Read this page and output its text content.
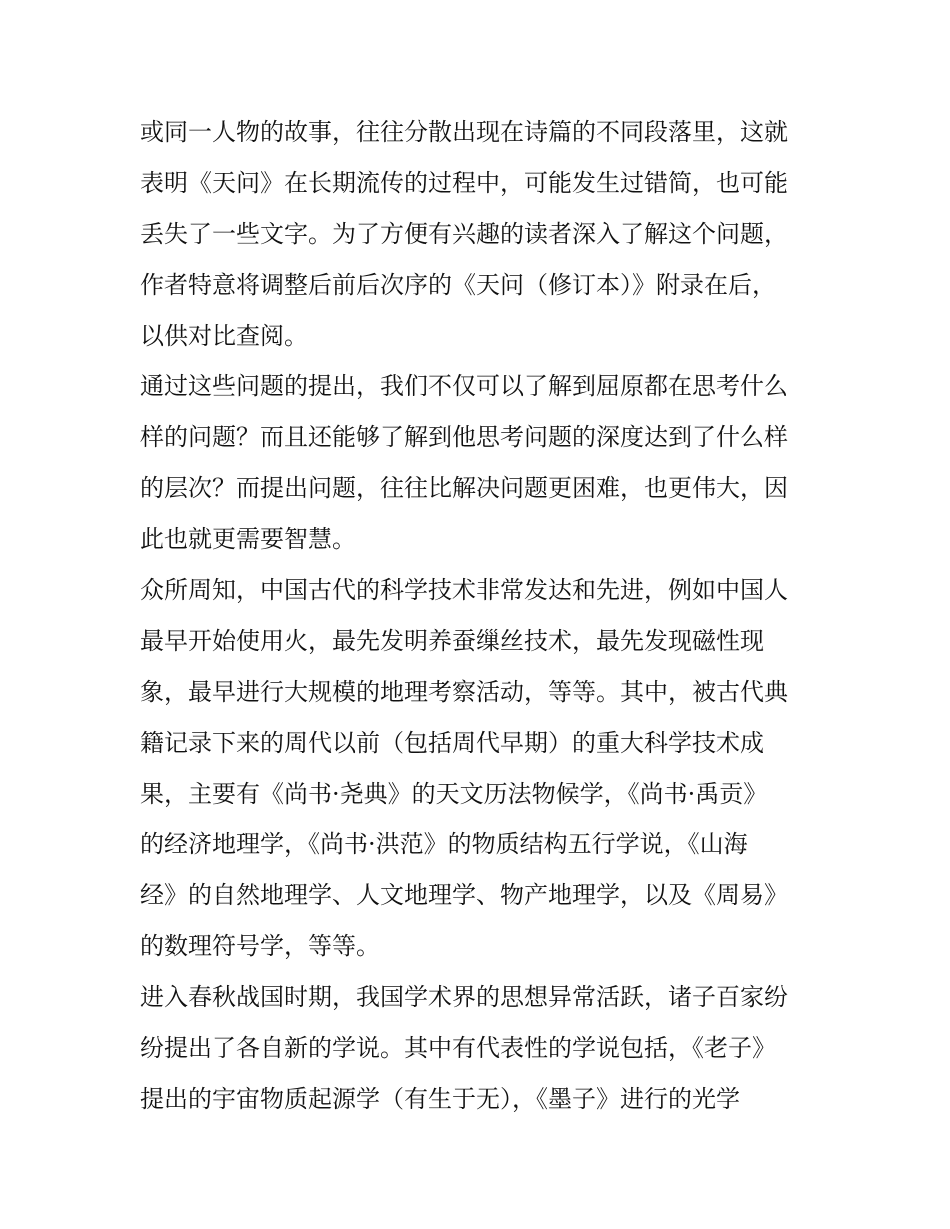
或同一人物的故事，往往分散出现在诗篇的不同段落里，这就
表明《天问》在长期流传的过程中，可能发生过错简，也可能
丢失了一些文字。为了方便有兴趣的读者深入了解这个问题，
作者特意将调整后前后次序的《天问（修订本）》附录在后，
以供对比查阅。
通过这些问题的提出，我们不仅可以了解到屈原都在思考什么
样的问题？而且还能够了解到他思考问题的深度达到了什么样
的层次？而提出问题，往往比解决问题更困难，也更伟大，因
此也就更需要智慧。
众所周知，中国古代的科学技术非常发达和先进，例如中国人
最早开始使用火，最先发明养蚕缫丝技术，最先发现磁性现
象，最早进行大规模的地理考察活动，等等。其中，被古代典
籍记录下来的周代以前（包括周代早期）的重大科学技术成
果，主要有《尚书·尧典》的天文历法物候学，《尚书·禹贡》
的经济地理学，《尚书·洪范》的物质结构五行学说，《山海
经》的自然地理学、人文地理学、物产地理学，以及《周易》
的数理符号学，等等。
进入春秋战国时期，我国学术界的思想异常活跃，诸子百家纷
纷提出了各自新的学说。其中有代表性的学说包括，《老子》
提出的宇宙物质起源学（有生于无），《墨子》进行的光学
